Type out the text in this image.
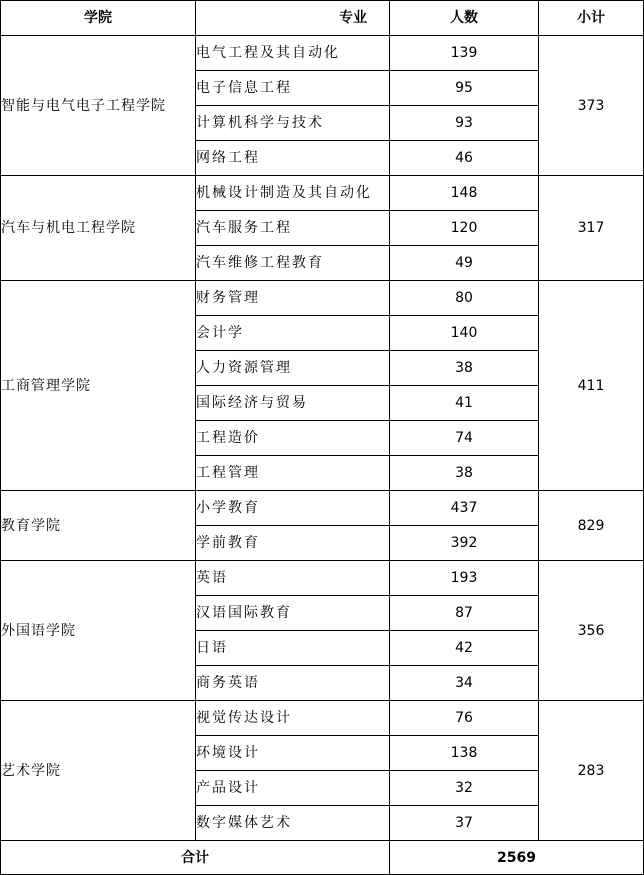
学院	专业	人数	小计
智能与电气电子工程学院	电气工程及其自动化	139	373
	电子信息工程	95	
	计算机科学与技术	93	
	网络工程	46	
汽车与机电工程学院	机械设计制造及其自动化	148	317
	汽车服务工程	120	
	汽车维修工程教育	49	
工商管理学院	财务管理	80	411
	会计学	140	
	人力资源管理	38	
	国际经济与贸易	41	
	工程造价	74	
	工程管理	38	
教育学院	小学教育	437	829
	学前教育	392	
外国语学院	英语	193	356
	汉语国际教育	87	
	日语	42	
	商务英语	34	
艺术学院	视觉传达设计	76	283
	环境设计	138	
	产品设计	32	
	数字媒体艺术	37	
合计		2569	
